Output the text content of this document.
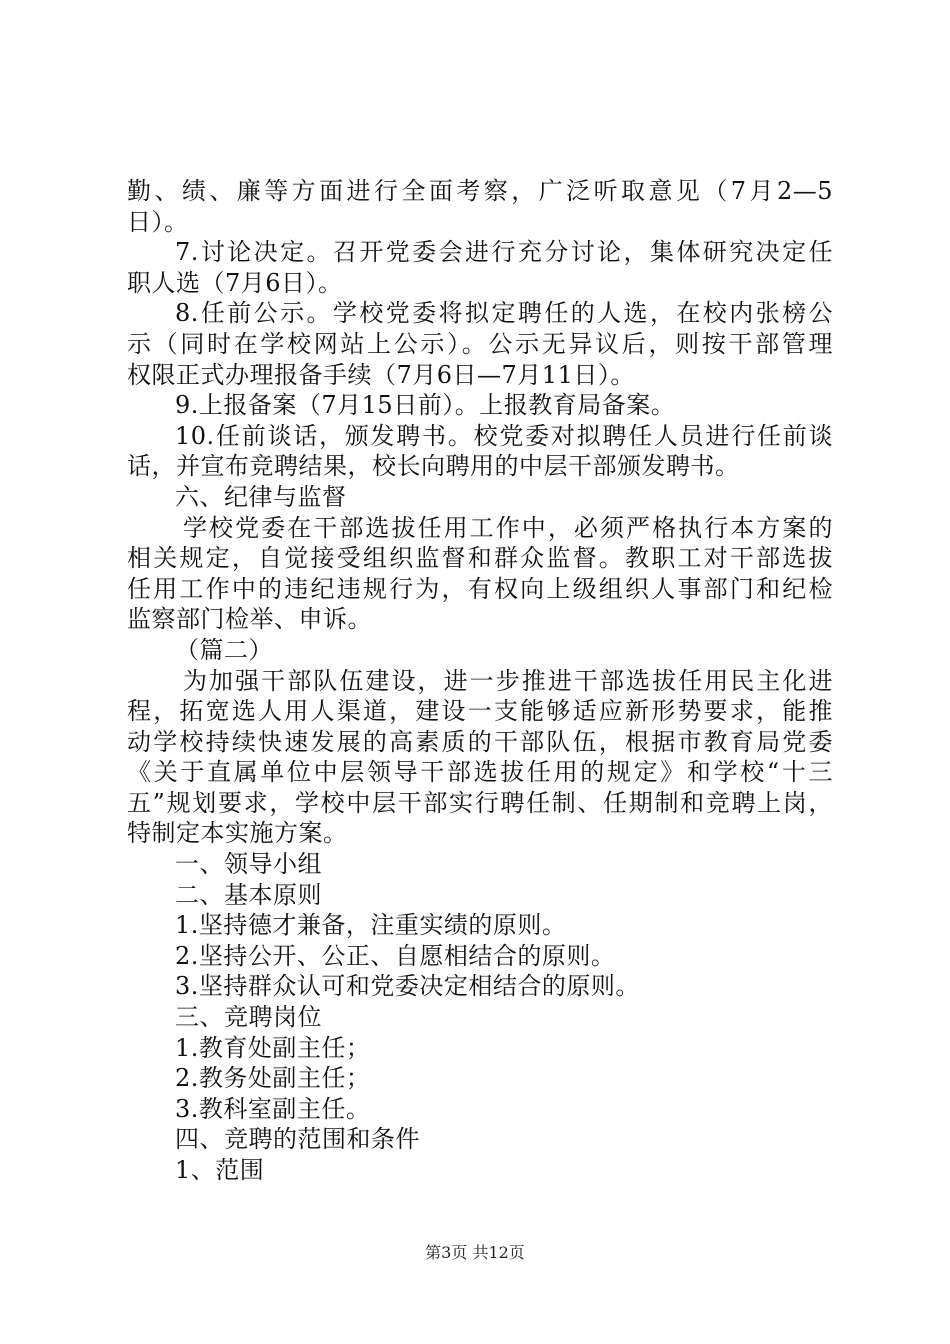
勤、绩、廉等方面进行全面考察，广泛听取意见（7月2—5
日）。
7.讨论决定。召开党委会进行充分讨论，集体研究决定任
职人选（7月6日）。
8.任前公示。学校党委将拟定聘任的人选，在校内张榜公
示（同时在学校网站上公示）。公示无异议后，则按干部管理
权限正式办理报备手续（7月6日—7月11日）。
9.上报备案（7月15日前）。上报教育局备案。
10.任前谈话，颁发聘书。校党委对拟聘任人员进行任前谈
话，并宣布竞聘结果，校长向聘用的中层干部颁发聘书。
六、纪律与监督
学校党委在干部选拔任用工作中，必须严格执行本方案的
相关规定，自觉接受组织监督和群众监督。教职工对干部选拔
任用工作中的违纪违规行为，有权向上级组织人事部门和纪检
监察部门检举、申诉。
（篇二）
为加强干部队伍建设，进一步推进干部选拔任用民主化进
程，拓宽选人用人渠道，建设一支能够适应新形势要求，能推
动学校持续快速发展的高素质的干部队伍，根据市教育局党委
《关于直属单位中层领导干部选拔任用的规定》和学校“十三
五”规划要求，学校中层干部实行聘任制、任期制和竞聘上岗，
特制定本实施方案。
一、领导小组
二、基本原则
1.坚持德才兼备，注重实绩的原则。
2.坚持公开、公正、自愿相结合的原则。
3.坚持群众认可和党委决定相结合的原则。
三、竞聘岗位
1.教育处副主任；
2.教务处副主任；
3.教科室副主任。
四、竞聘的范围和条件
1、范围
第3页 共12页
